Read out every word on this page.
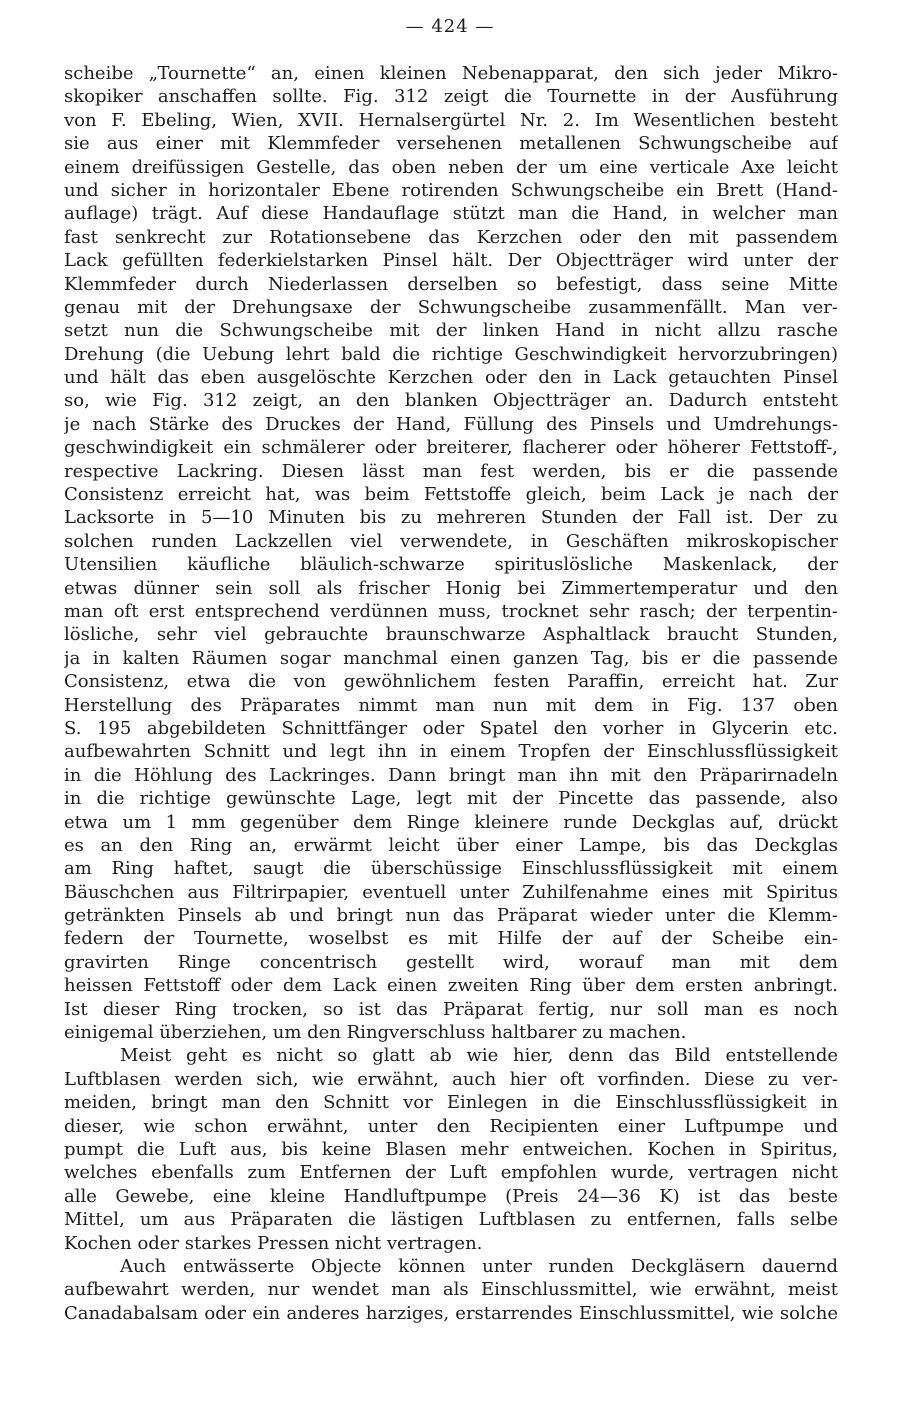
— 424 —
scheibe „Tournette“ an, einen kleinen Nebenapparat, den sich jeder Mikro-
skopiker anschaffen sollte. Fig. 312 zeigt die Tournette in der Ausführung
von F. Ebeling, Wien, XVII. Hernalsergürtel Nr. 2. Im Wesentlichen besteht
sie aus einer mit Klemmfeder versehenen metallenen Schwungscheibe auf
einem dreifüssigen Gestelle, das oben neben der um eine verticale Axe leicht
und sicher in horizontaler Ebene rotirenden Schwungscheibe ein Brett (Hand-
auflage) trägt. Auf diese Handauflage stützt man die Hand, in welcher man
fast senkrecht zur Rotationsebene das Kerzchen oder den mit passendem
Lack gefüllten federkielstarken Pinsel hält. Der Objectträger wird unter der
Klemmfeder durch Niederlassen derselben so befestigt, dass seine Mitte
genau mit der Drehungsaxe der Schwungscheibe zusammenfällt. Man ver-
setzt nun die Schwungscheibe mit der linken Hand in nicht allzu rasche
Drehung (die Uebung lehrt bald die richtige Geschwindigkeit hervorzubringen)
und hält das eben ausgelöschte Kerzchen oder den in Lack getauchten Pinsel
so, wie Fig. 312 zeigt, an den blanken Objectträger an. Dadurch entsteht
je nach Stärke des Druckes der Hand, Füllung des Pinsels und Umdrehungs-
geschwindigkeit ein schmälerer oder breiterer, flacherer oder höherer Fettstoff-,
respective Lackring. Diesen lässt man fest werden, bis er die passende
Consistenz erreicht hat, was beim Fettstoffe gleich, beim Lack je nach der
Lacksorte in 5—10 Minuten bis zu mehreren Stunden der Fall ist. Der zu
solchen runden Lackzellen viel verwendete, in Geschäften mikroskopischer
Utensilien käufliche bläulich-schwarze spirituslösliche Maskenlack, der
etwas dünner sein soll als frischer Honig bei Zimmertemperatur und den
man oft erst entsprechend verdünnen muss, trocknet sehr rasch; der terpentin-
lösliche, sehr viel gebrauchte braunschwarze Asphaltlack braucht Stunden,
ja in kalten Räumen sogar manchmal einen ganzen Tag, bis er die passende
Consistenz, etwa die von gewöhnlichem festen Paraffin, erreicht hat. Zur
Herstellung des Präparates nimmt man nun mit dem in Fig. 137 oben
S. 195 abgebildeten Schnittfänger oder Spatel den vorher in Glycerin etc.
aufbewahrten Schnitt und legt ihn in einem Tropfen der Einschlussflüssigkeit
in die Höhlung des Lackringes. Dann bringt man ihn mit den Präparirnadeln
in die richtige gewünschte Lage, legt mit der Pincette das passende, also
etwa um 1 mm gegenüber dem Ringe kleinere runde Deckglas auf, drückt
es an den Ring an, erwärmt leicht über einer Lampe, bis das Deckglas
am Ring haftet, saugt die überschüssige Einschlussflüssigkeit mit einem
Bäuschchen aus Filtrirpapier, eventuell unter Zuhilfenahme eines mit Spiritus
getränkten Pinsels ab und bringt nun das Präparat wieder unter die Klemm-
federn der Tournette, woselbst es mit Hilfe der auf der Scheibe ein-
gravirten Ringe concentrisch gestellt wird, worauf man mit dem
heissen Fettstoff oder dem Lack einen zweiten Ring über dem ersten anbringt.
Ist dieser Ring trocken, so ist das Präparat fertig, nur soll man es noch
einigemal überziehen, um den Ringverschluss haltbarer zu machen.
Meist geht es nicht so glatt ab wie hier, denn das Bild entstellende
Luftblasen werden sich, wie erwähnt, auch hier oft vorfinden. Diese zu ver-
meiden, bringt man den Schnitt vor Einlegen in die Einschlussflüssigkeit in
dieser, wie schon erwähnt, unter den Recipienten einer Luftpumpe und
pumpt die Luft aus, bis keine Blasen mehr entweichen. Kochen in Spiritus,
welches ebenfalls zum Entfernen der Luft empfohlen wurde, vertragen nicht
alle Gewebe, eine kleine Handluftpumpe (Preis 24—36 K) ist das beste
Mittel, um aus Präparaten die lästigen Luftblasen zu entfernen, falls selbe
Kochen oder starkes Pressen nicht vertragen.
Auch entwässerte Objecte können unter runden Deckgläsern dauernd
aufbewahrt werden, nur wendet man als Einschlussmittel, wie erwähnt, meist
Canadabalsam oder ein anderes harziges, erstarrendes Einschlussmittel, wie solche
